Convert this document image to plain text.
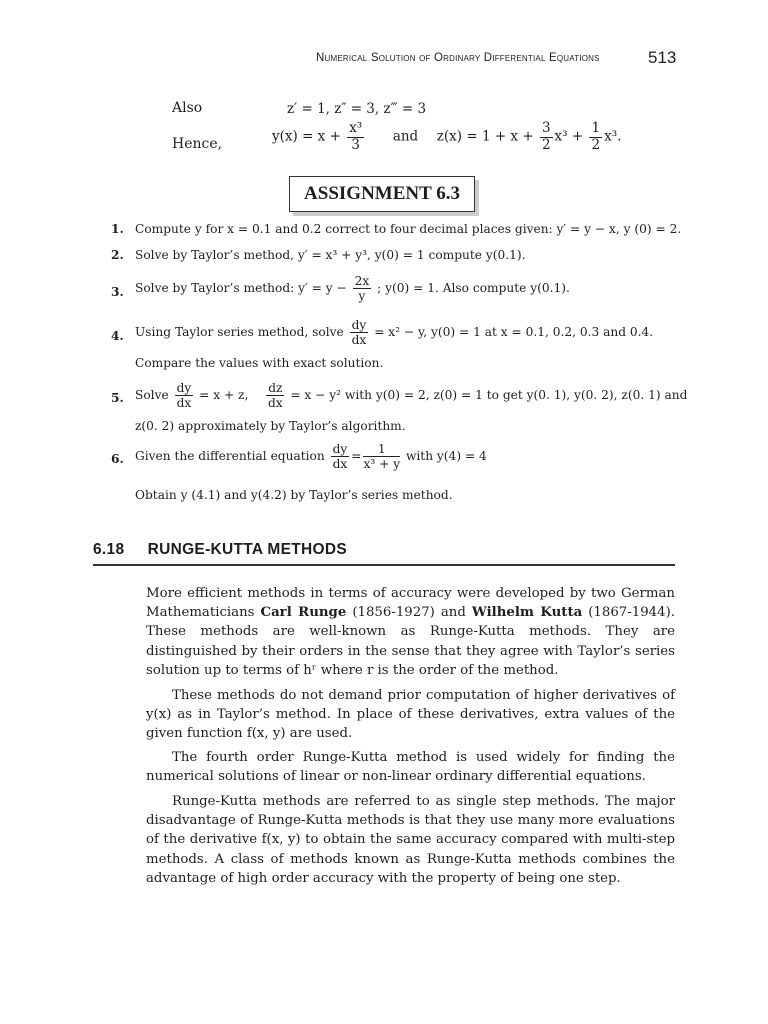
Numerical Solution of Ordinary Differential Equations	513
Also	z′ = 1, z″ = 3, z‴ = 3
Hence,	$y(x) = x + \frac{\text{x³}}{3}$ and $z(x) = 1 + x + \frac{3}{2} x^3 + \frac{1}{2} x^3$.
ASSIGNMENT 6.3
1. Compute y for x = 0.1 and 0.2 correct to four decimal places given: y′ = y − x, y (0) = 2.
2. Solve by Taylor’s method, y′ = x³ + y³, y(0) = 1 compute y(0.1).
3. Solve by Taylor’s method: $y' = y - \frac{2x}{y}$ ; y(0) = 1. Also compute y(0.1).
4. Using Taylor series method, solve $\frac{dy}{dx} = x^2 - y$, y(0) = 1 at x = 0.1, 0.2, 0.3 and 0.4.
Compare the values with exact solution.
5. Solve $\frac{dy}{dx} = x + z$, $\frac{dz}{dx} = x - y^2$ with y(0) = 2, z(0) = 1 to get y(0. 1), y(0. 2), z(0. 1) and
z(0. 2) approximately by Taylor’s algorithm.
6. Given the differential equation $\frac{dy}{dx} = \frac{1}{\text{x³ + y}}$ with y(4) = 4
Obtain y (4.1) and y(4.2) by Taylor’s series method.
6.18 RUNGE-KUTTA METHODS
More efficient methods in terms of accuracy were developed by two German Mathematicians Carl Runge (1856-1927) and Wilhelm Kutta (1867-1944). These methods are well-known as Runge-Kutta methods. They are distinguished by their orders in the sense that they agree with Taylor’s series solution up to terms of hʳ where r is the order of the method.
These methods do not demand prior computation of higher derivatives of y(x) as in Taylor’s method. In place of these derivatives, extra values of the given function f(x, y) are used.
The fourth order Runge-Kutta method is used widely for finding the numerical solutions of linear or non-linear ordinary differential equations.
Runge-Kutta methods are referred to as single step methods. The major disadvantage of Runge-Kutta methods is that they use many more evaluations of the derivative f(x, y) to obtain the same accuracy compared with multi-step methods. A class of methods known as Runge-Kutta methods combines the advantage of high order accuracy with the property of being one step.
